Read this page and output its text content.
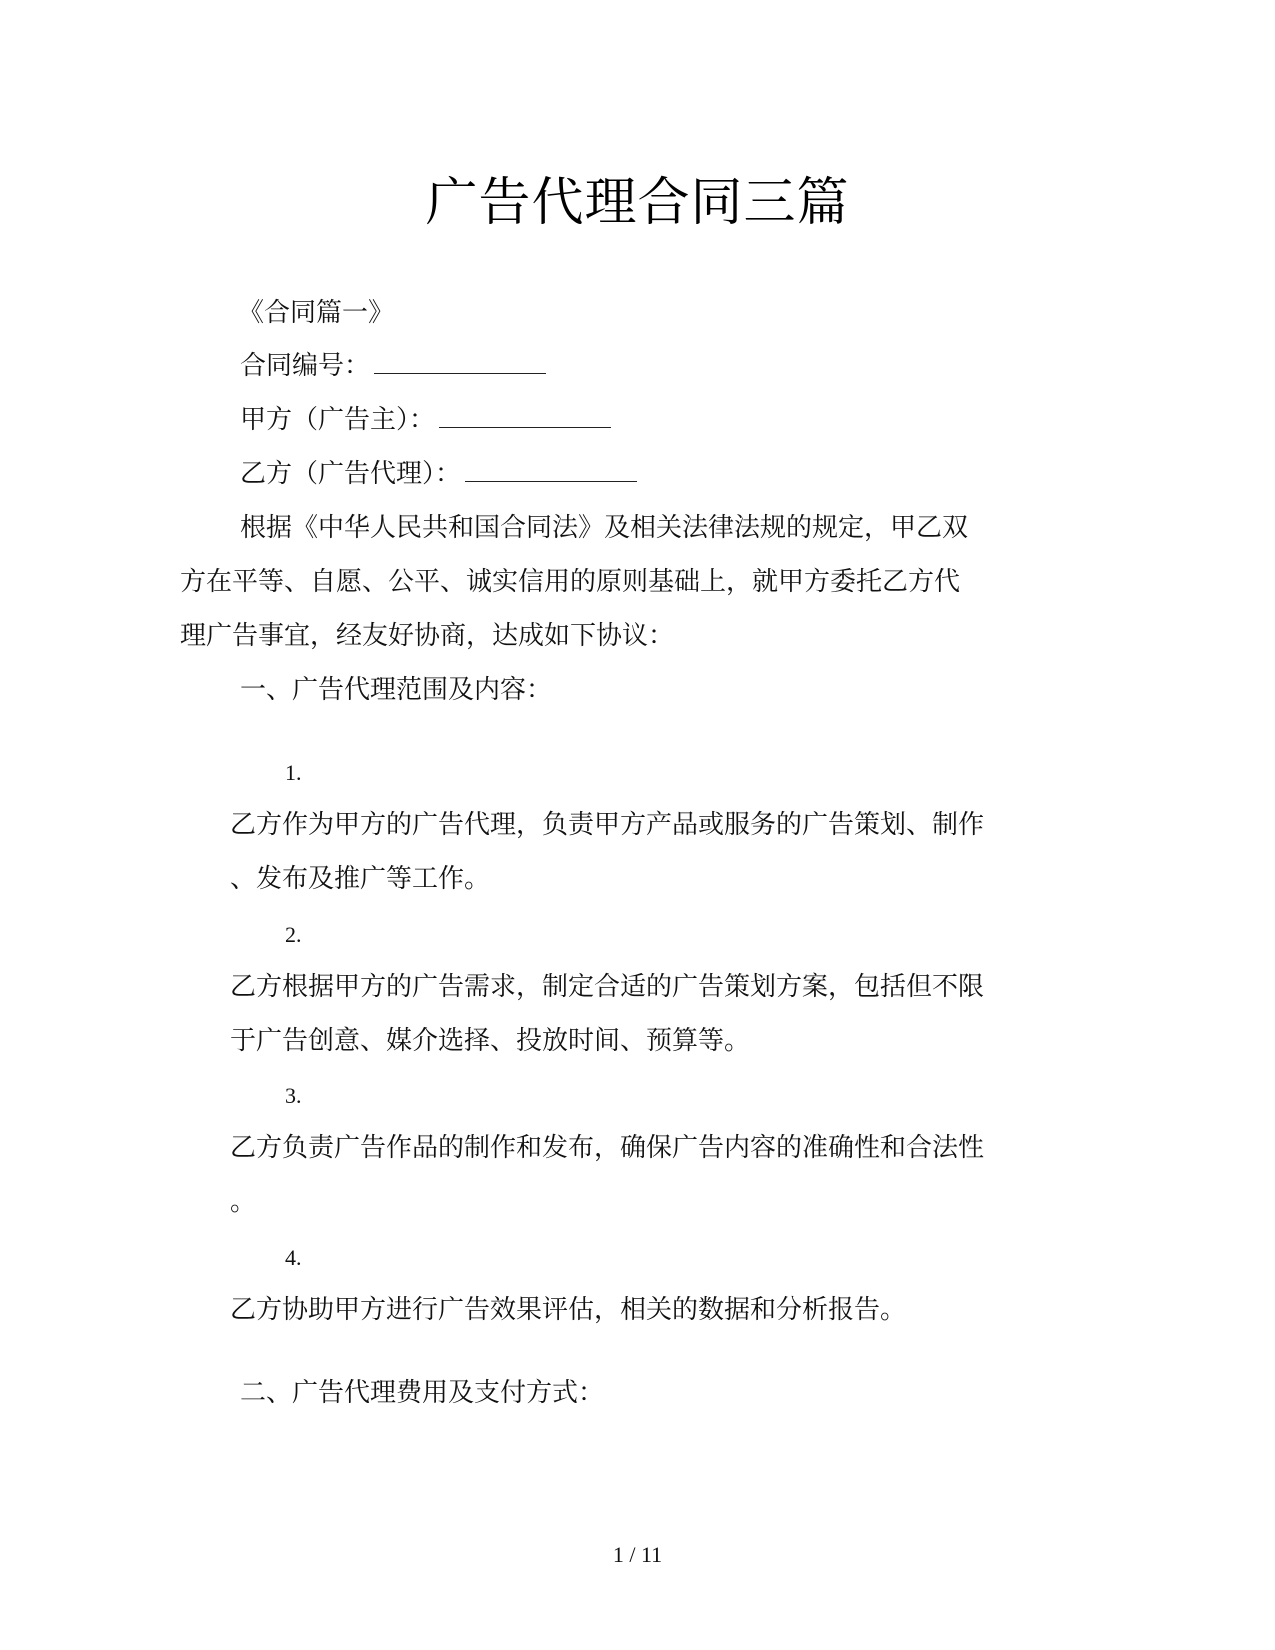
广告代理合同三篇
《合同篇一》
合同编号：
甲方（广告主）：
乙方（广告代理）：
根据《中华人民共和国合同法》及相关法律法规的规定，甲乙双
方在平等、自愿、公平、诚实信用的原则基础上，就甲方委托乙方代
理广告事宜，经友好协商，达成如下协议：
一、广告代理范围及内容：
1.
乙方作为甲方的广告代理，负责甲方产品或服务的广告策划、制作
、发布及推广等工作。
2.
乙方根据甲方的广告需求，制定合适的广告策划方案，包括但不限
于广告创意、媒介选择、投放时间、预算等。
3.
乙方负责广告作品的制作和发布，确保广告内容的准确性和合法性
。
4.
乙方协助甲方进行广告效果评估，相关的数据和分析报告。
二、广告代理费用及支付方式：
1 / 11
